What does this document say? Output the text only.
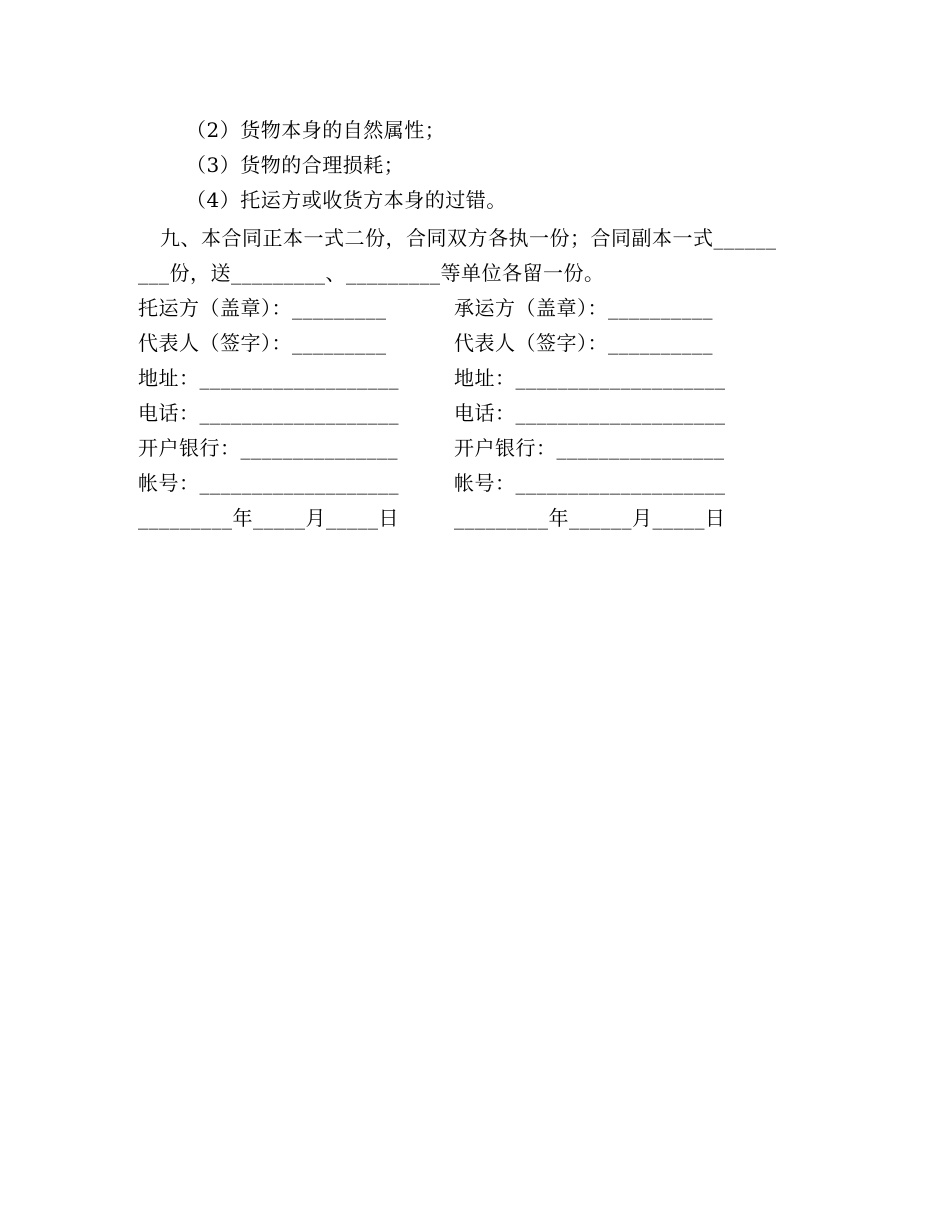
（2）货物本身的自然属性；
（3）货物的合理损耗；
（4）托运方或收货方本身的过错。
九、本合同正本一式二份，合同双方各执一份；合同副本一式______
___份，送_________、_________等单位各留一份。
托运方（盖章）：_________
代表人（签字）：_________
地址：___________________
电话：___________________
开户银行：_______________
帐号：___________________
_________年_____月_____日
承运方（盖章）：__________
代表人（签字）：__________
地址：____________________
电话：____________________
开户银行：________________
帐号：____________________
_________年______月_____日
